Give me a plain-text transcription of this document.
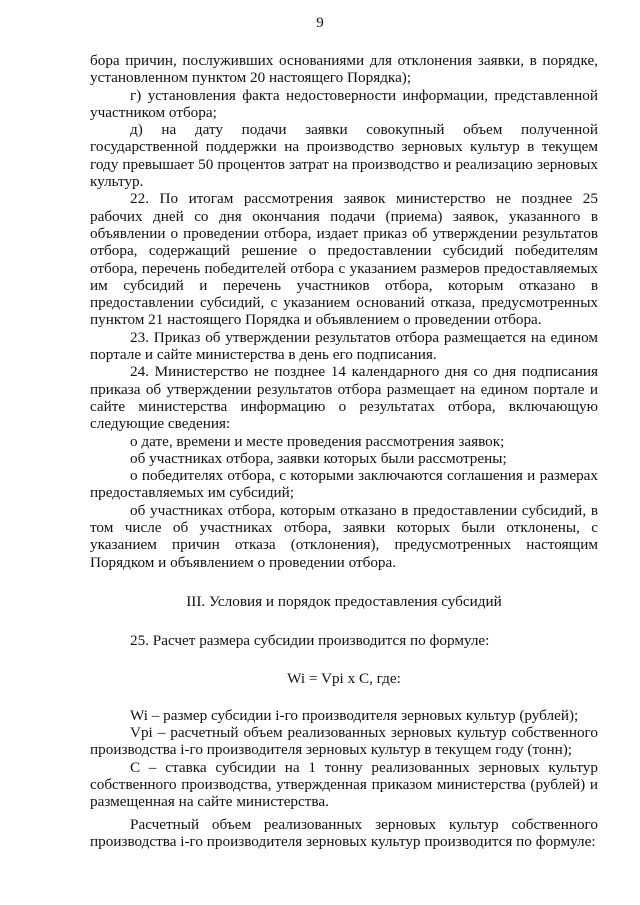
9

бора причин, послуживших основаниями для отклонения заявки, в порядке, установленном пунктом 20 настоящего Порядка);

г) установления факта недостоверности информации, представленной участником отбора;

д) на дату подачи заявки совокупный объем полученной государственной поддержки на производство зерновых культур в текущем году превышает 50 процентов затрат на производство и реализацию зерновых культур.

22. По итогам рассмотрения заявок министерство не позднее 25 рабочих дней со дня окончания подачи (приема) заявок, указанного в объявлении о проведении отбора, издает приказ об утверждении результатов отбора, содержащий решение о предоставлении субсидий победителям отбора, перечень победителей отбора с указанием размеров предоставляемых им субсидий и перечень участников отбора, которым отказано в предоставлении субсидий, с указанием оснований отказа, предусмотренных пунктом 21 настоящего Порядка и объявлением о проведении отбора.

23. Приказ об утверждении результатов отбора размещается на едином портале и сайте министерства в день его подписания.

24. Министерство не позднее 14 календарного дня со дня подписания приказа об утверждении результатов отбора размещает на едином портале и сайте министерства информацию о результатах отбора, включающую следующие сведения:

о дате, времени и месте проведения рассмотрения заявок;

об участниках отбора, заявки которых были рассмотрены;

о победителях отбора, с которыми заключаются соглашения и размерах предоставляемых им субсидий;

об участниках отбора, которым отказано в предоставлении субсидий, в том числе об участниках отбора, заявки которых были отклонены, с указанием причин отказа (отклонения), предусмотренных настоящим Порядком и объявлением о проведении отбора.

III. Условия и порядок предоставления субсидий

25. Расчет размера субсидии производится по формуле:

Wi = Vpi x C, где:

Wi – размер субсидии i-го производителя зерновых культур (рублей);

Vpi – расчетный объем реализованных зерновых культур собственного производства i-го производителя зерновых культур в текущем году (тонн);

С – ставка субсидии на 1 тонну реализованных зерновых культур собственного производства, утвержденная приказом министерства (рублей) и размещенная на сайте министерства.

Расчетный объем реализованных зерновых культур собственного производства i-го производителя зерновых культур производится по формуле:
